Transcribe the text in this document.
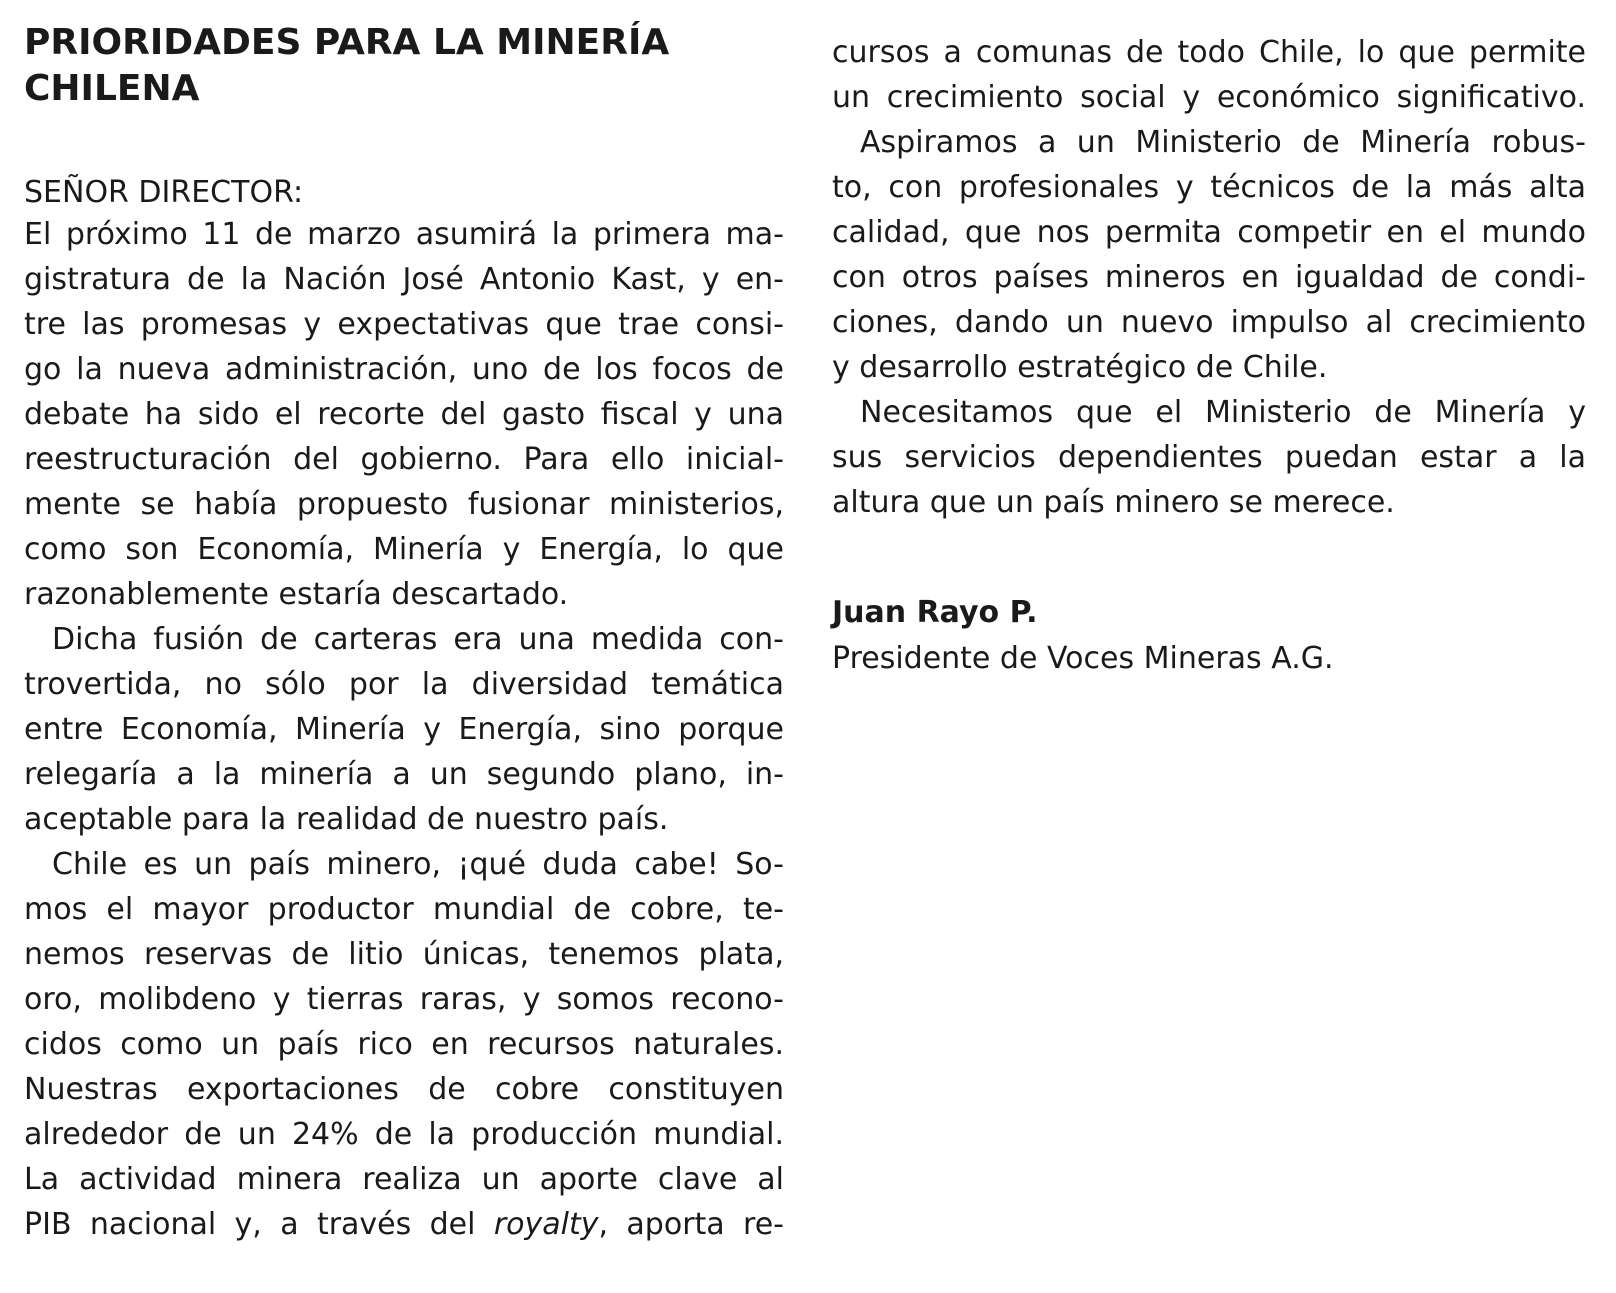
PRIORIDADES PARA LA MINERÍA
CHILENA

SEÑOR DIRECTOR:

El próximo 11 de marzo asumirá la primera ma-

gistratura de la Nación José Antonio Kast, y en-

tre las promesas y expectativas que trae consi-

go la nueva administración, uno de los focos de

debate ha sido el recorte del gasto fiscal y una

reestructuración del gobierno. Para ello inicial-

mente se había propuesto fusionar ministerios,

como son Economía, Minería y Energía, lo que

razonablemente estaría descartado.

Dicha fusión de carteras era una medida con-

trovertida, no sólo por la diversidad temática

entre Economía, Minería y Energía, sino porque

relegaría a la minería a un segundo plano, in-

aceptable para la realidad de nuestro país.

Chile es un país minero, ¡qué duda cabe! So-

mos el mayor productor mundial de cobre, te-

nemos reservas de litio únicas, tenemos plata,

oro, molibdeno y tierras raras, y somos recono-

cidos como un país rico en recursos naturales.

Nuestras exportaciones de cobre constituyen

alrededor de un 24% de la producción mundial.

La actividad minera realiza un aporte clave al

PIB nacional y, a través del royalty, aporta re-

cursos a comunas de todo Chile, lo que permite

un crecimiento social y económico significativo.

Aspiramos a un Ministerio de Minería robus-

to, con profesionales y técnicos de la más alta

calidad, que nos permita competir en el mundo

con otros países mineros en igualdad de condi-

ciones, dando un nuevo impulso al crecimiento

y desarrollo estratégico de Chile.

Necesitamos que el Ministerio de Minería y

sus servicios dependientes puedan estar a la

altura que un país minero se merece.

Juan Rayo P.

Presidente de Voces Mineras A.G.
